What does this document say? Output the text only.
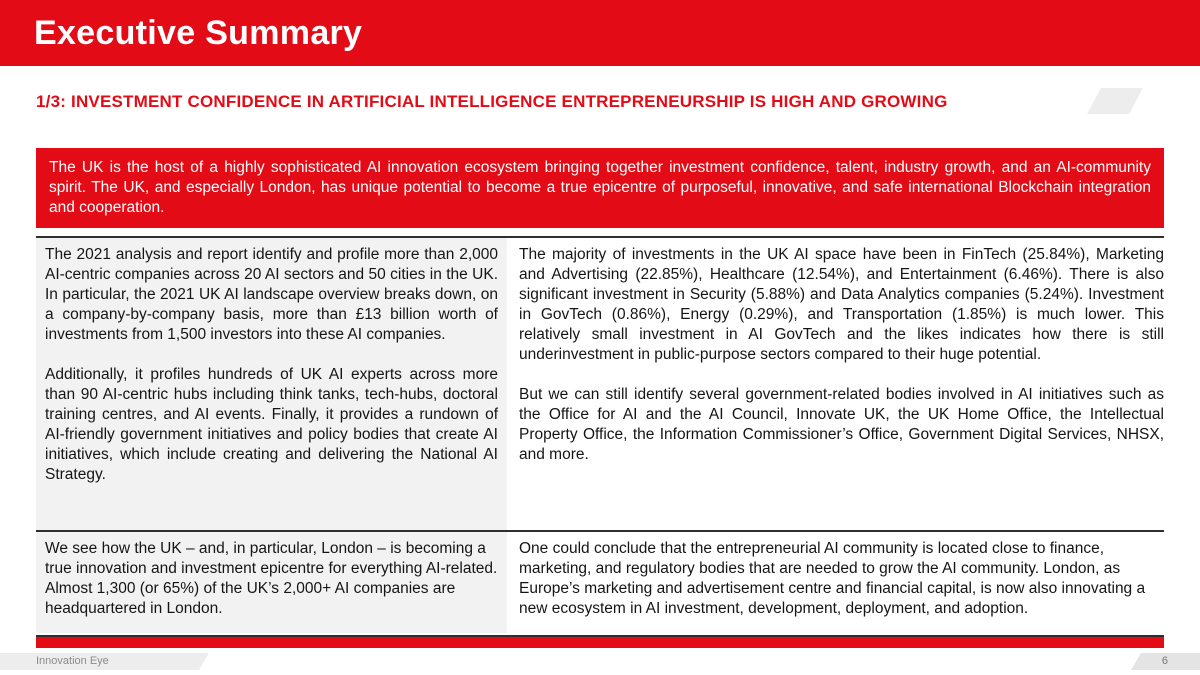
Executive Summary
1/3: INVESTMENT CONFIDENCE IN ARTIFICIAL INTELLIGENCE ENTREPRENEURSHIP IS HIGH AND GROWING
The UK is the host of a highly sophisticated AI innovation ecosystem bringing together investment confidence, talent, industry growth, and an AI-community spirit. The UK, and especially London, has unique potential to become a true epicentre of purposeful, innovative, and safe international Blockchain integration and cooperation.

The 2021 analysis and report identify and profile more than 2,000 AI-centric companies across 20 AI sectors and 50 cities in the UK. In particular, the 2021 UK AI landscape overview breaks down, on a company-by-company basis, more than £13 billion worth of investments from 1,500 investors into these AI companies.

Additionally, it profiles hundreds of UK AI experts across more than 90 AI-centric hubs including think tanks, tech-hubs, doctoral training centres, and AI events. Finally, it provides a rundown of AI-friendly government initiatives and policy bodies that create AI initiatives, which include creating and delivering the National AI Strategy.

The majority of investments in the UK AI space have been in FinTech (25.84%), Marketing and Advertising (22.85%), Healthcare (12.54%), and Entertainment (6.46%). There is also significant investment in Security (5.88%) and Data Analytics companies (5.24%). Investment in GovTech (0.86%), Energy (0.29%), and Transportation (1.85%) is much lower. This relatively small investment in AI GovTech and the likes indicates how there is still underinvestment in public-purpose sectors compared to their huge potential.

But we can still identify several government-related bodies involved in AI initiatives such as the Office for AI and the AI Council, Innovate UK, the UK Home Office, the Intellectual Property Office, the Information Commissioner’s Office, Government Digital Services, NHSX, and more.

We see how the UK – and, in particular, London – is becoming a true innovation and investment epicentre for everything AI-related. Almost 1,300 (or 65%) of the UK’s 2,000+ AI companies are headquartered in London.

One could conclude that the entrepreneurial AI community is located close to finance, marketing, and regulatory bodies that are needed to grow the AI community. London, as Europe’s marketing and advertisement centre and financial capital, is now also innovating a new ecosystem in AI investment, development, deployment, and adoption.

Innovation Eye	6
